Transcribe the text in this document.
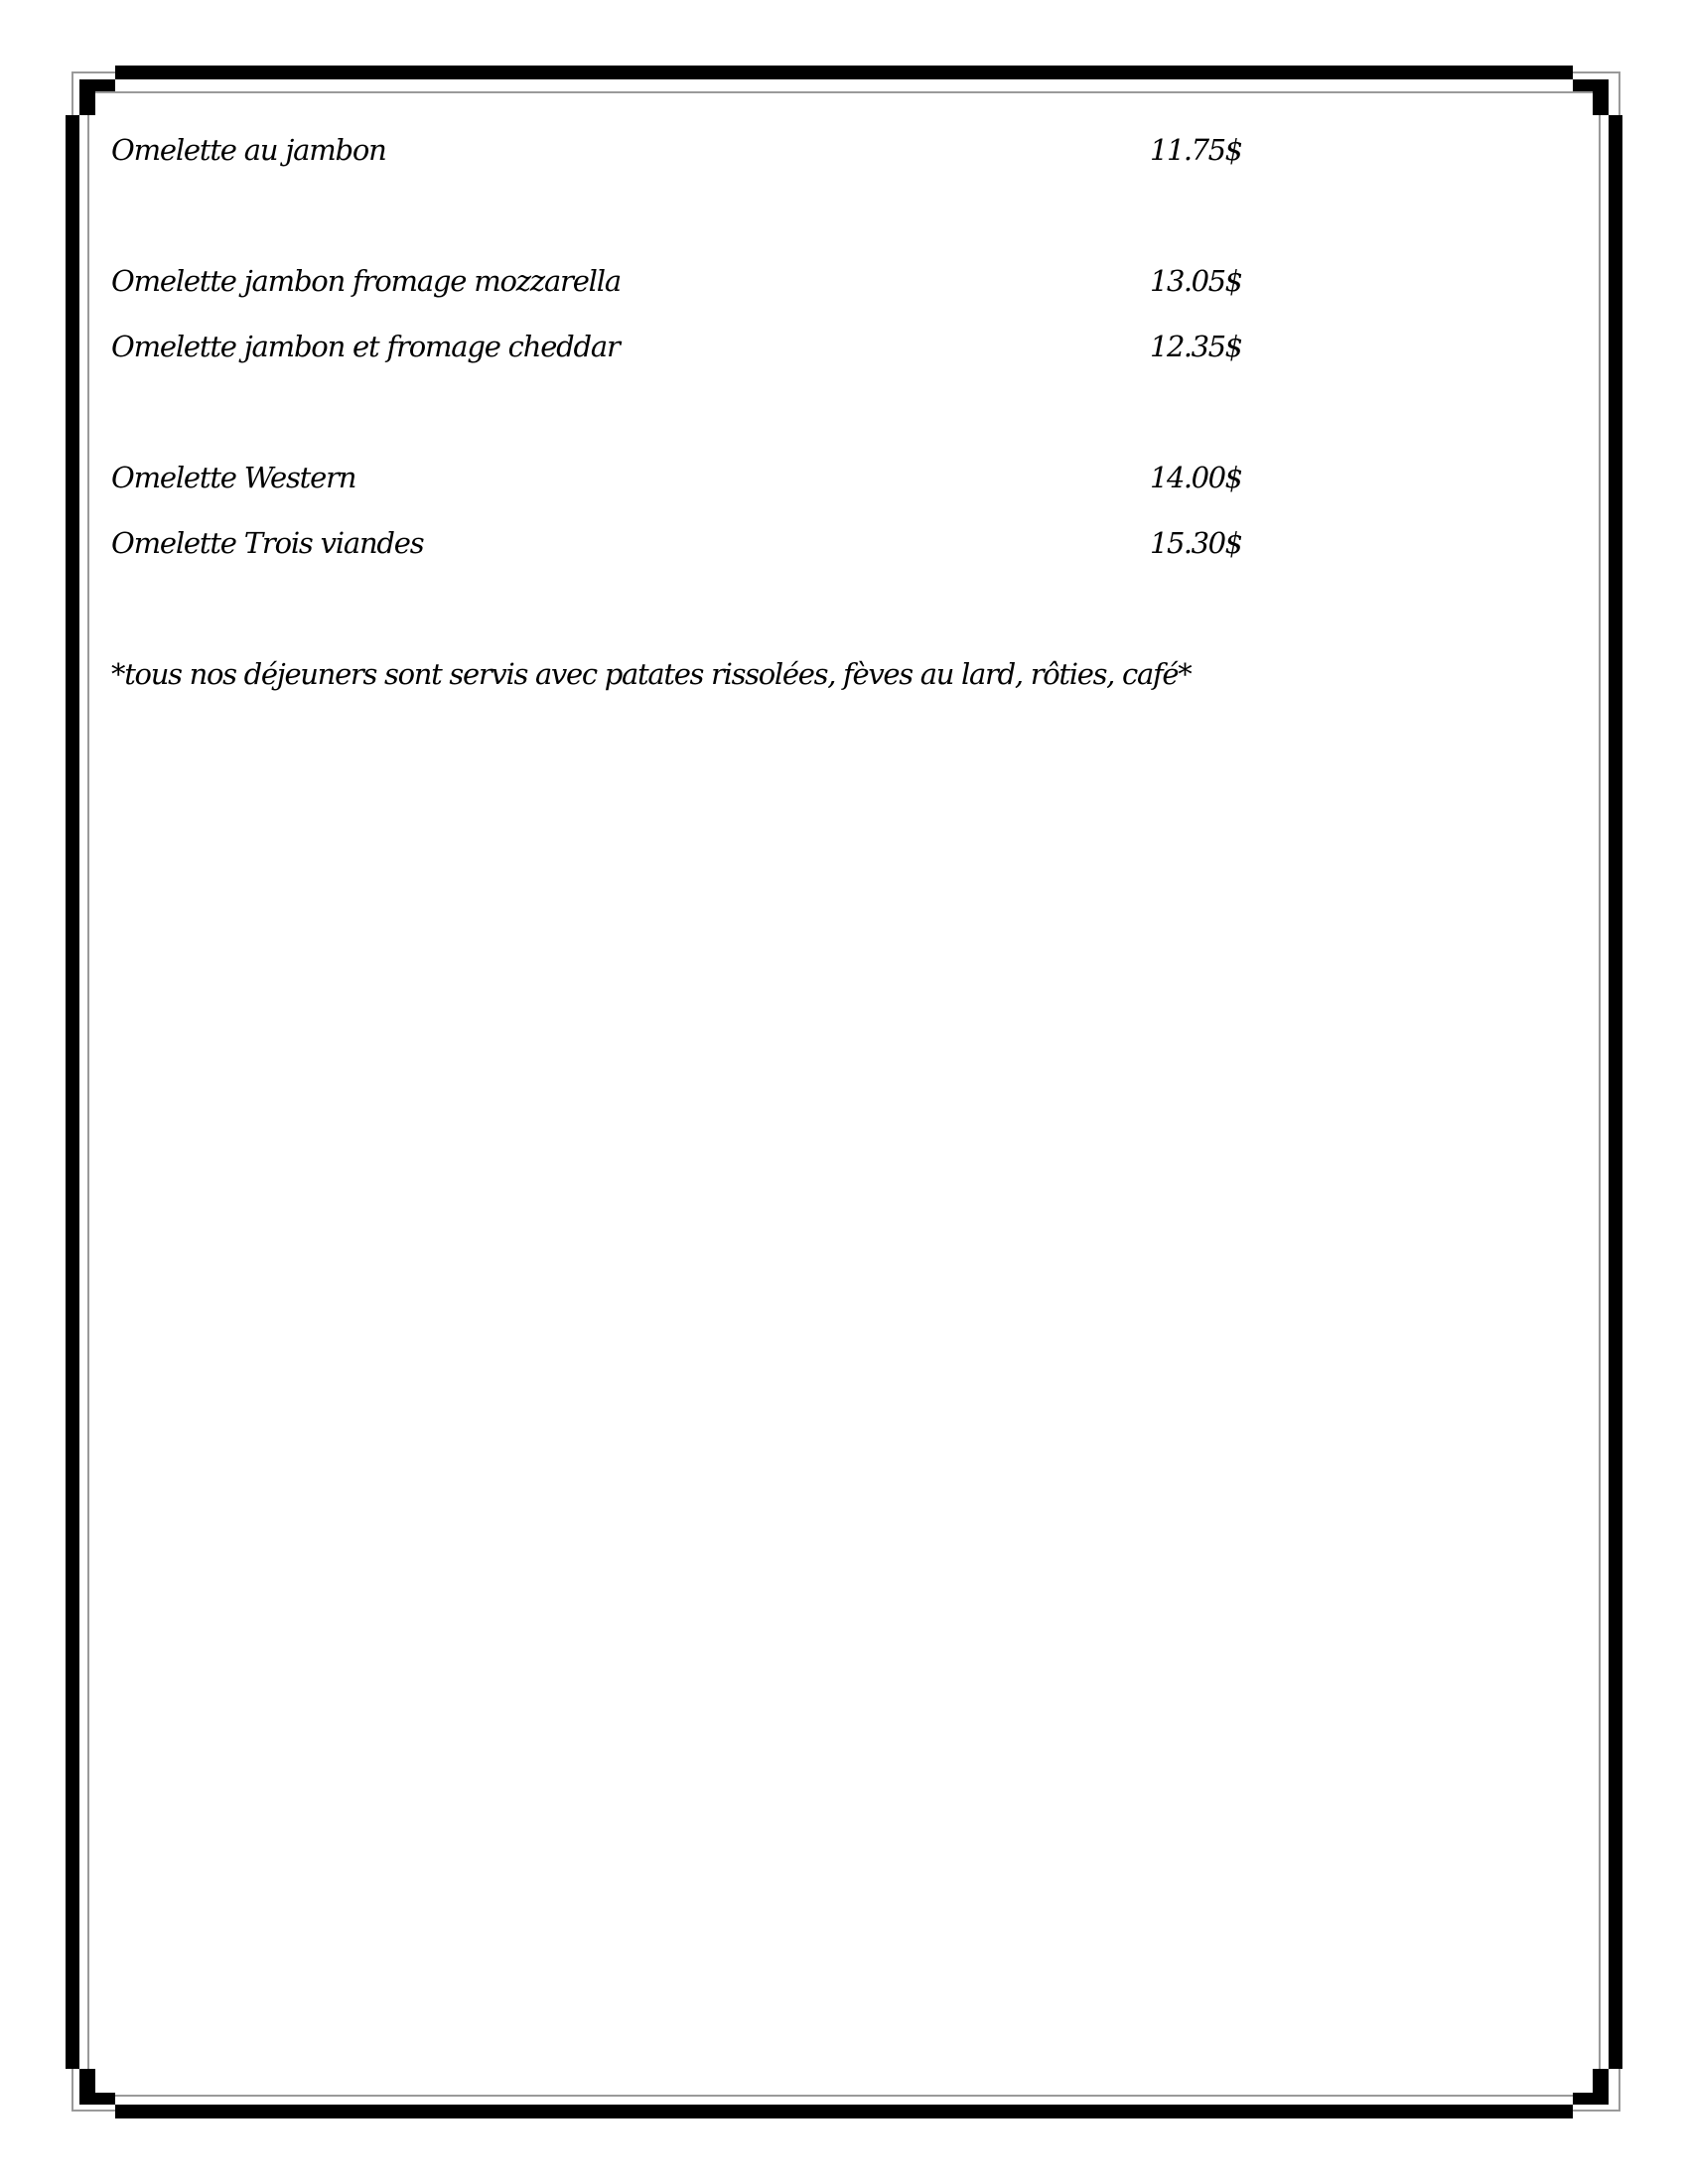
Omelette au jambon	11.75$
Omelette jambon fromage mozzarella	13.05$
Omelette jambon et fromage cheddar	12.35$
Omelette Western	14.00$
Omelette Trois viandes	15.30$
*tous nos déjeuners sont servis avec patates rissolées, fèves au lard, rôties, café*
